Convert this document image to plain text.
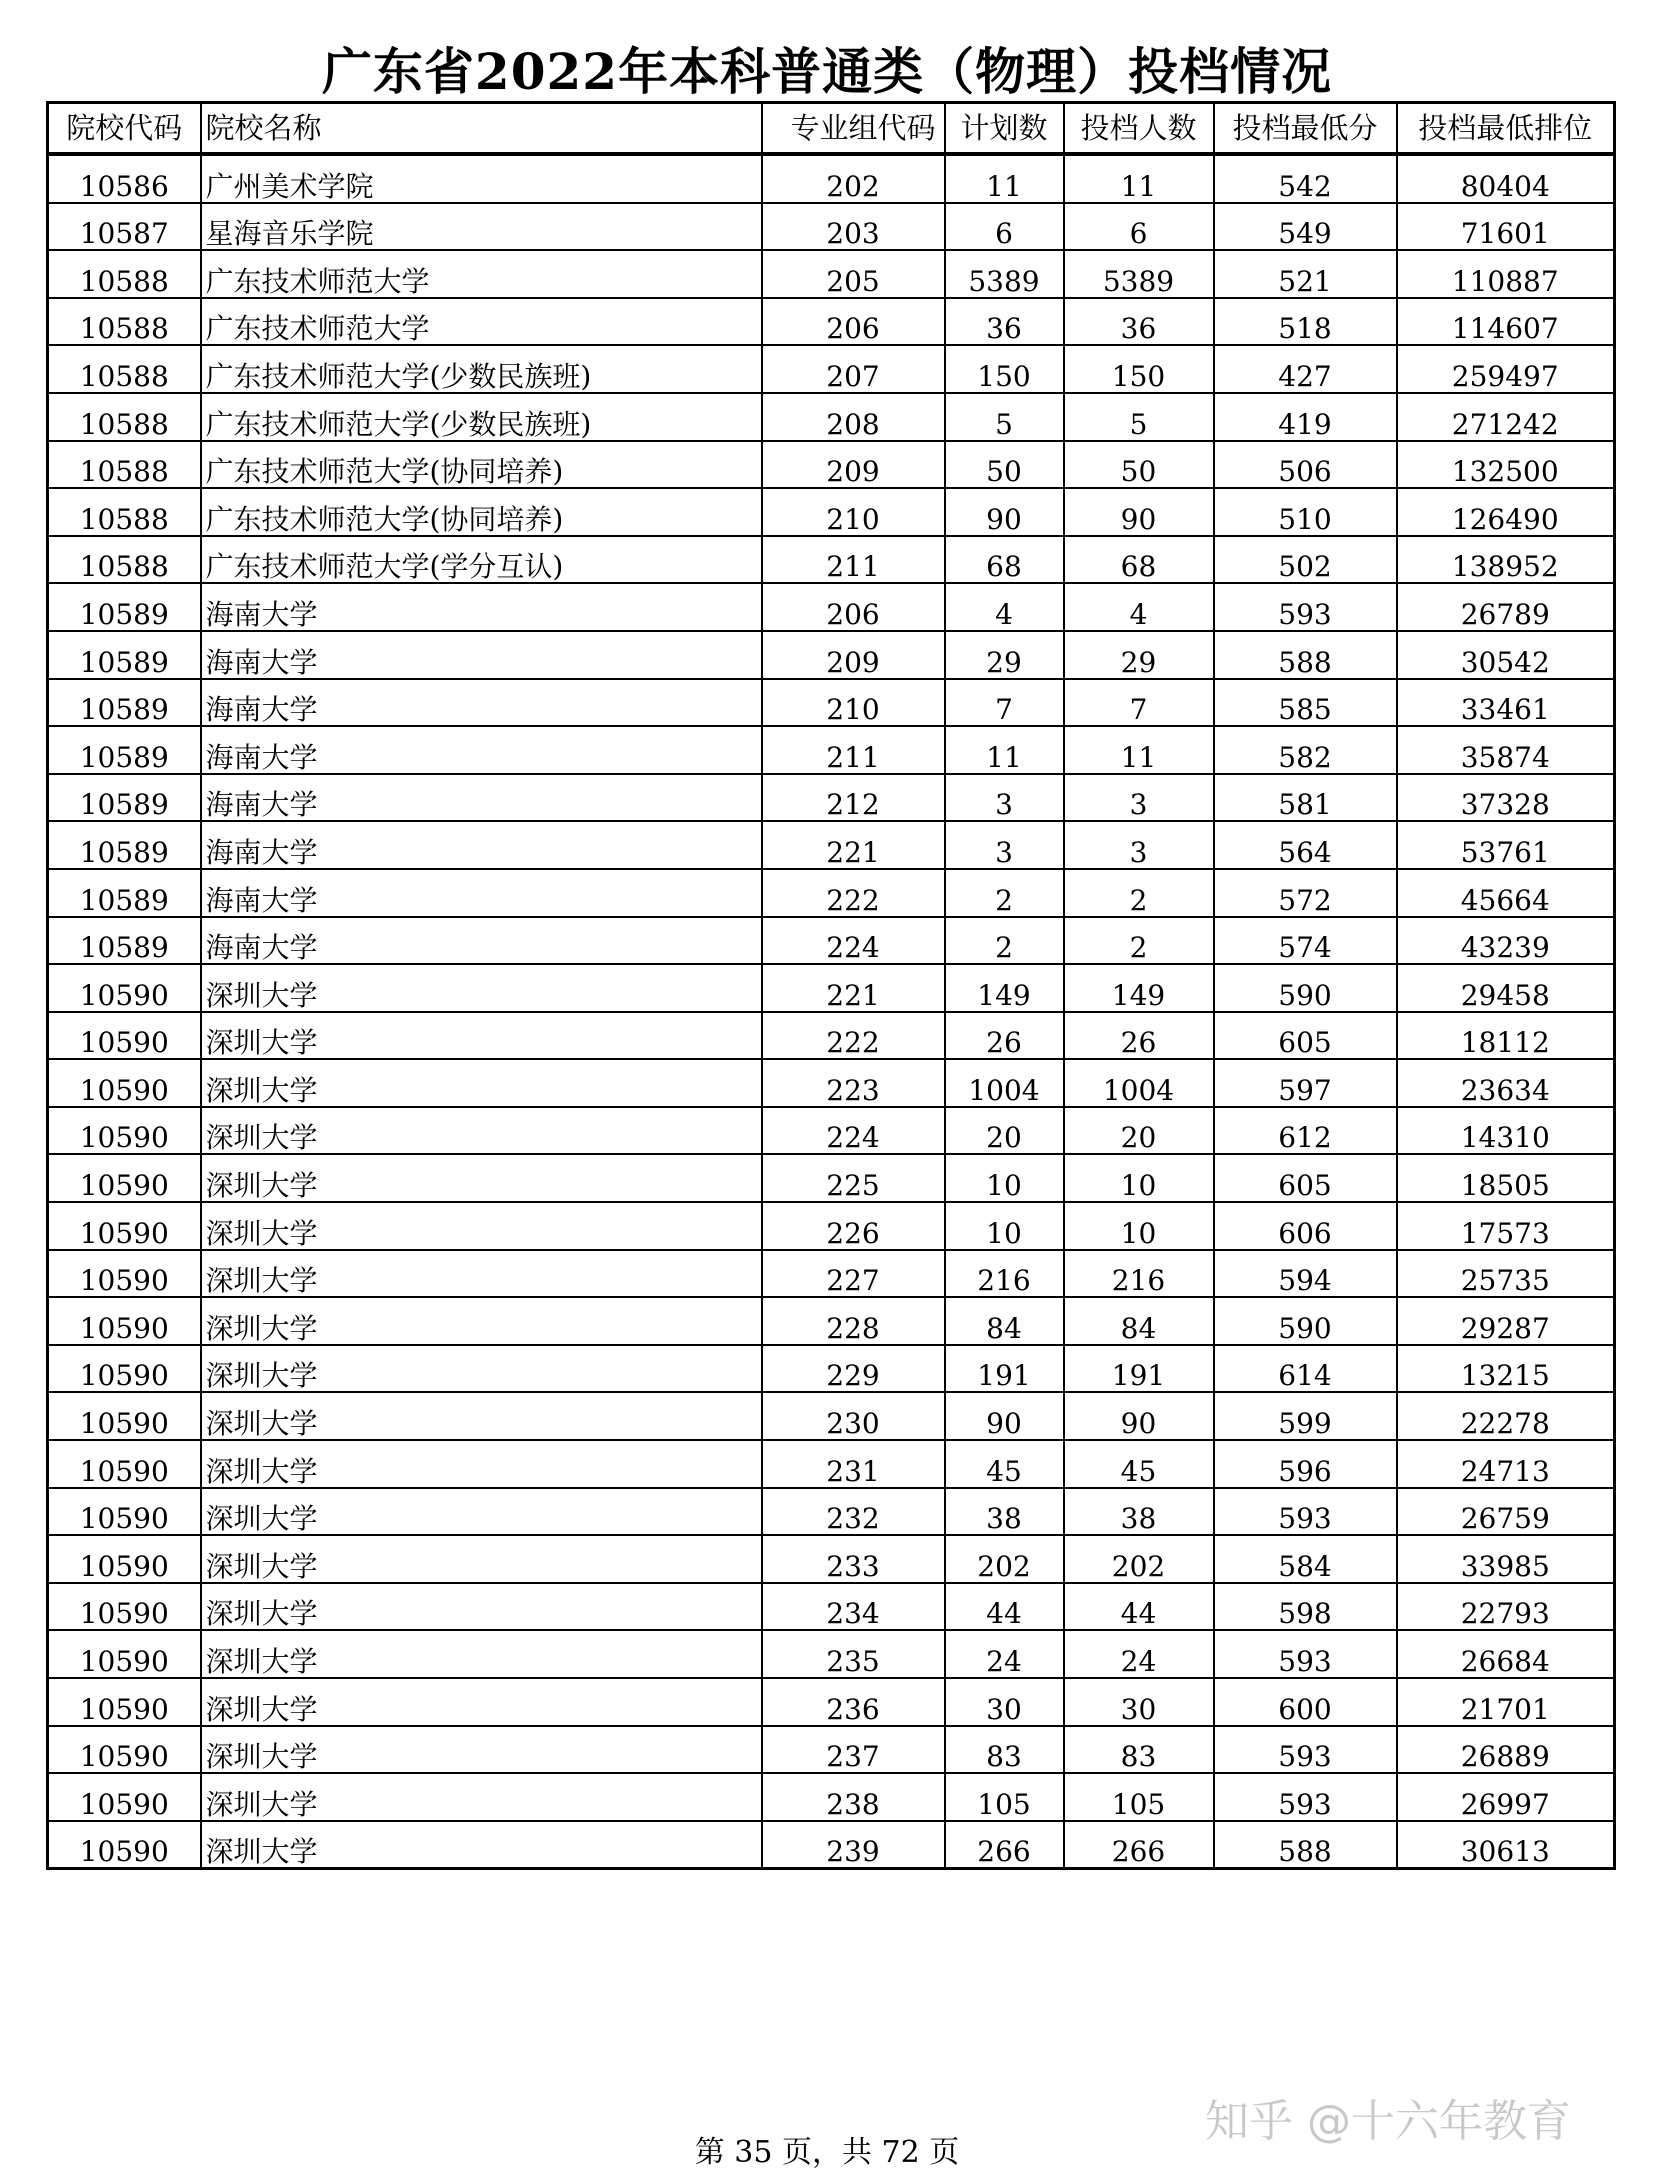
广东省2022年本科普通类（物理）投档情况
院校代码	院校名称	专业组代码	计划数	投档人数	投档最低分	投档最低排位
10586	广州美术学院	202	11	11	542	80404
10587	星海音乐学院	203	6	6	549	71601
10588	广东技术师范大学	205	5389	5389	521	110887
10588	广东技术师范大学	206	36	36	518	114607
10588	广东技术师范大学(少数民族班)	207	150	150	427	259497
10588	广东技术师范大学(少数民族班)	208	5	5	419	271242
10588	广东技术师范大学(协同培养)	209	50	50	506	132500
10588	广东技术师范大学(协同培养)	210	90	90	510	126490
10588	广东技术师范大学(学分互认)	211	68	68	502	138952
10589	海南大学	206	4	4	593	26789
10589	海南大学	209	29	29	588	30542
10589	海南大学	210	7	7	585	33461
10589	海南大学	211	11	11	582	35874
10589	海南大学	212	3	3	581	37328
10589	海南大学	221	3	3	564	53761
10589	海南大学	222	2	2	572	45664
10589	海南大学	224	2	2	574	43239
10590	深圳大学	221	149	149	590	29458
10590	深圳大学	222	26	26	605	18112
10590	深圳大学	223	1004	1004	597	23634
10590	深圳大学	224	20	20	612	14310
10590	深圳大学	225	10	10	605	18505
10590	深圳大学	226	10	10	606	17573
10590	深圳大学	227	216	216	594	25735
10590	深圳大学	228	84	84	590	29287
10590	深圳大学	229	191	191	614	13215
10590	深圳大学	230	90	90	599	22278
10590	深圳大学	231	45	45	596	24713
10590	深圳大学	232	38	38	593	26759
10590	深圳大学	233	202	202	584	33985
10590	深圳大学	234	44	44	598	22793
10590	深圳大学	235	24	24	593	26684
10590	深圳大学	236	30	30	600	21701
10590	深圳大学	237	83	83	593	26889
10590	深圳大学	238	105	105	593	26997
10590	深圳大学	239	266	266	588	30613
第 35 页，共 72 页
知乎 @十六年教育
